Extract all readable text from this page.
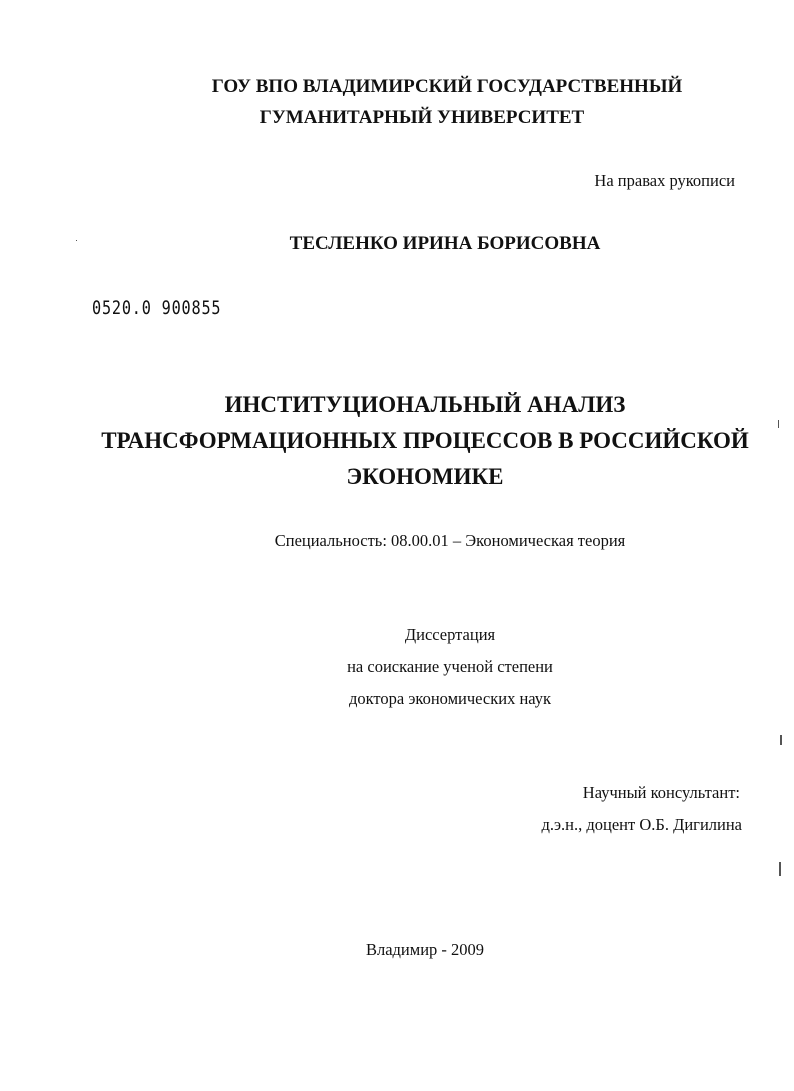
ГОУ ВПО ВЛАДИМИРСКИЙ ГОСУДАРСТВЕННЫЙ
ГУМАНИТАРНЫЙ УНИВЕРСИТЕТ
На правах рукописи
ТЕСЛЕНКО ИРИНА БОРИСОВНА
0520.0 900855
ИНСТИТУЦИОНАЛЬНЫЙ АНАЛИЗ
ТРАНСФОРМАЦИОННЫХ ПРОЦЕССОВ В РОССИЙСКОЙ
ЭКОНОМИКЕ
Специальность: 08.00.01 – Экономическая теория
Диссертация
на соискание ученой степени
доктора экономических наук
Научный консультант:
д.э.н., доцент О.Б. Дигилина
Владимир - 2009
